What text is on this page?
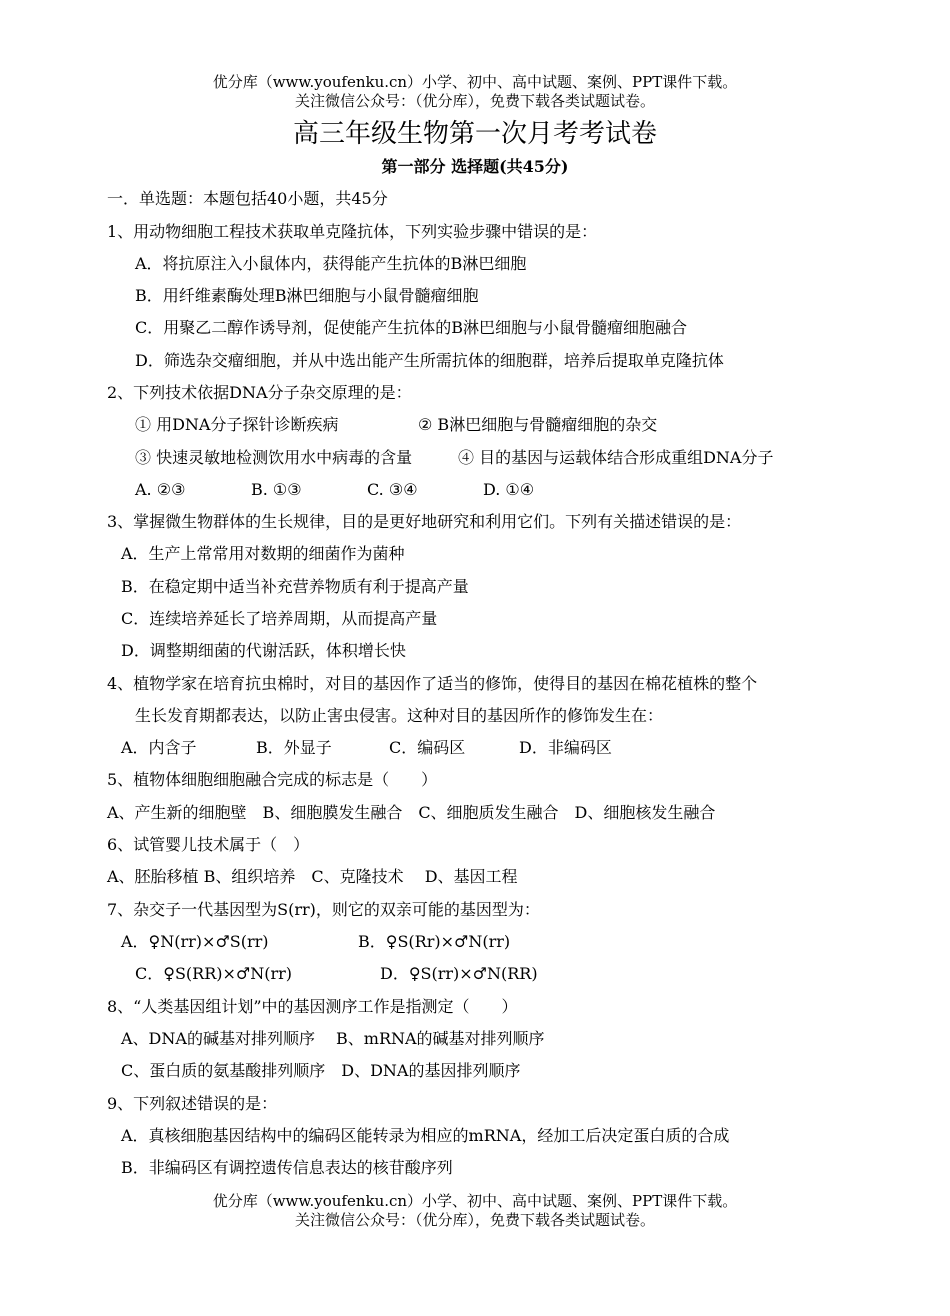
优分库（www.youfenku.cn）小学、初中、高中试题、案例、PPT课件下载。
关注微信公众号：（优分库），免费下载各类试题试卷。
高三年级生物第一次月考考试卷
第一部分 选择题(共45分)
一．单选题：本题包括40小题，共45分
1、用动物细胞工程技术获取单克隆抗体，下列实验步骤中错误的是：
A．将抗原注入小鼠体内，获得能产生抗体的B淋巴细胞
B．用纤维素酶处理B淋巴细胞与小鼠骨髓瘤细胞
C．用聚乙二醇作诱导剂，促使能产生抗体的B淋巴细胞与小鼠骨髓瘤细胞融合
D．筛选杂交瘤细胞，并从中选出能产生所需抗体的细胞群，培养后提取单克隆抗体
2、下列技术依据DNA分子杂交原理的是：
① 用DNA分子探针诊断疾病	② B淋巴细胞与骨髓瘤细胞的杂交
③ 快速灵敏地检测饮用水中病毒的含量	④ 目的基因与运载体结合形成重组DNA分子
A. ②③	B. ①③	C. ③④	D. ①④
3、掌握微生物群体的生长规律，目的是更好地研究和利用它们。下列有关描述错误的是：
A．生产上常常用对数期的细菌作为菌种
B．在稳定期中适当补充营养物质有利于提高产量
C．连续培养延长了培养周期，从而提高产量
D．调整期细菌的代谢活跃，体积增长快
4、植物学家在培育抗虫棉时，对目的基因作了适当的修饰，使得目的基因在棉花植株的整个
生长发育期都表达，以防止害虫侵害。这种对目的基因所作的修饰发生在：
A．内含子	B．外显子	C．编码区	D．非编码区
5、植物体细胞细胞融合完成的标志是（　　）
A、产生新的细胞壁　B、细胞膜发生融合　C、细胞质发生融合　D、细胞核发生融合
6、试管婴儿技术属于（　）
A、胚胎移植 B、组织培养　C、克隆技术　 D、基因工程
7、杂交子一代基因型为S(rr)，则它的双亲可能的基因型为：
A．♀N(rr)×♂S(rr)	B．♀S(Rr)×♂N(rr)
C．♀S(RR)×♂N(rr)	D．♀S(rr)×♂N(RR)
8、“人类基因组计划”中的基因测序工作是指测定（　　）
A、DNA的碱基对排列顺序　 B、mRNA的碱基对排列顺序
C、蛋白质的氨基酸排列顺序　D、DNA的基因排列顺序
9、下列叙述错误的是：
A．真核细胞基因结构中的编码区能转录为相应的mRNA，经加工后决定蛋白质的合成
B．非编码区有调控遗传信息表达的核苷酸序列
优分库（www.youfenku.cn）小学、初中、高中试题、案例、PPT课件下载。
关注微信公众号：（优分库），免费下载各类试题试卷。
